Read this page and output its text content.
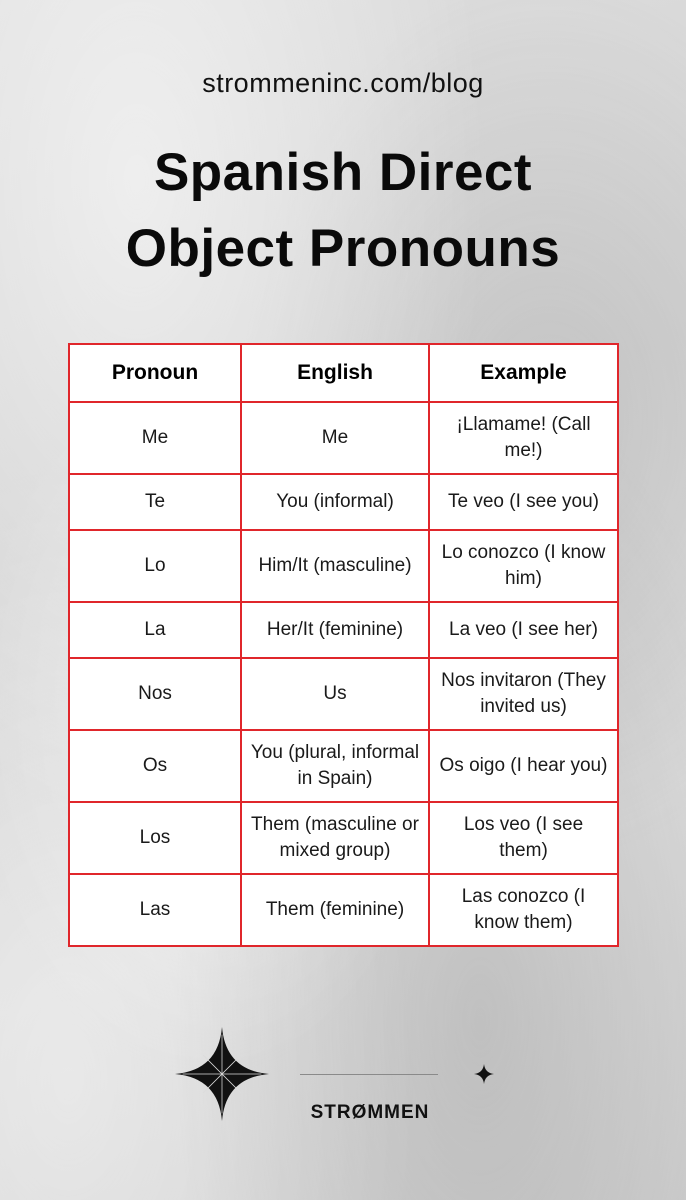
strommeninc.com/blog
Spanish Direct
Object Pronouns
Pronoun	English	Example
Me	Me	¡Llamame! (Call me!)
Te	You (informal)	Te veo (I see you)
Lo	Him/It (masculine)	Lo conozco (I know him)
La	Her/It (feminine)	La veo (I see her)
Nos	Us	Nos invitaron (They invited us)
Os	You (plural, informal in Spain)	Os oigo (I hear you)
Los	Them (masculine or mixed group)	Los veo (I see them)
Las	Them (feminine)	Las conozco (I know them)
STRØMMEN
